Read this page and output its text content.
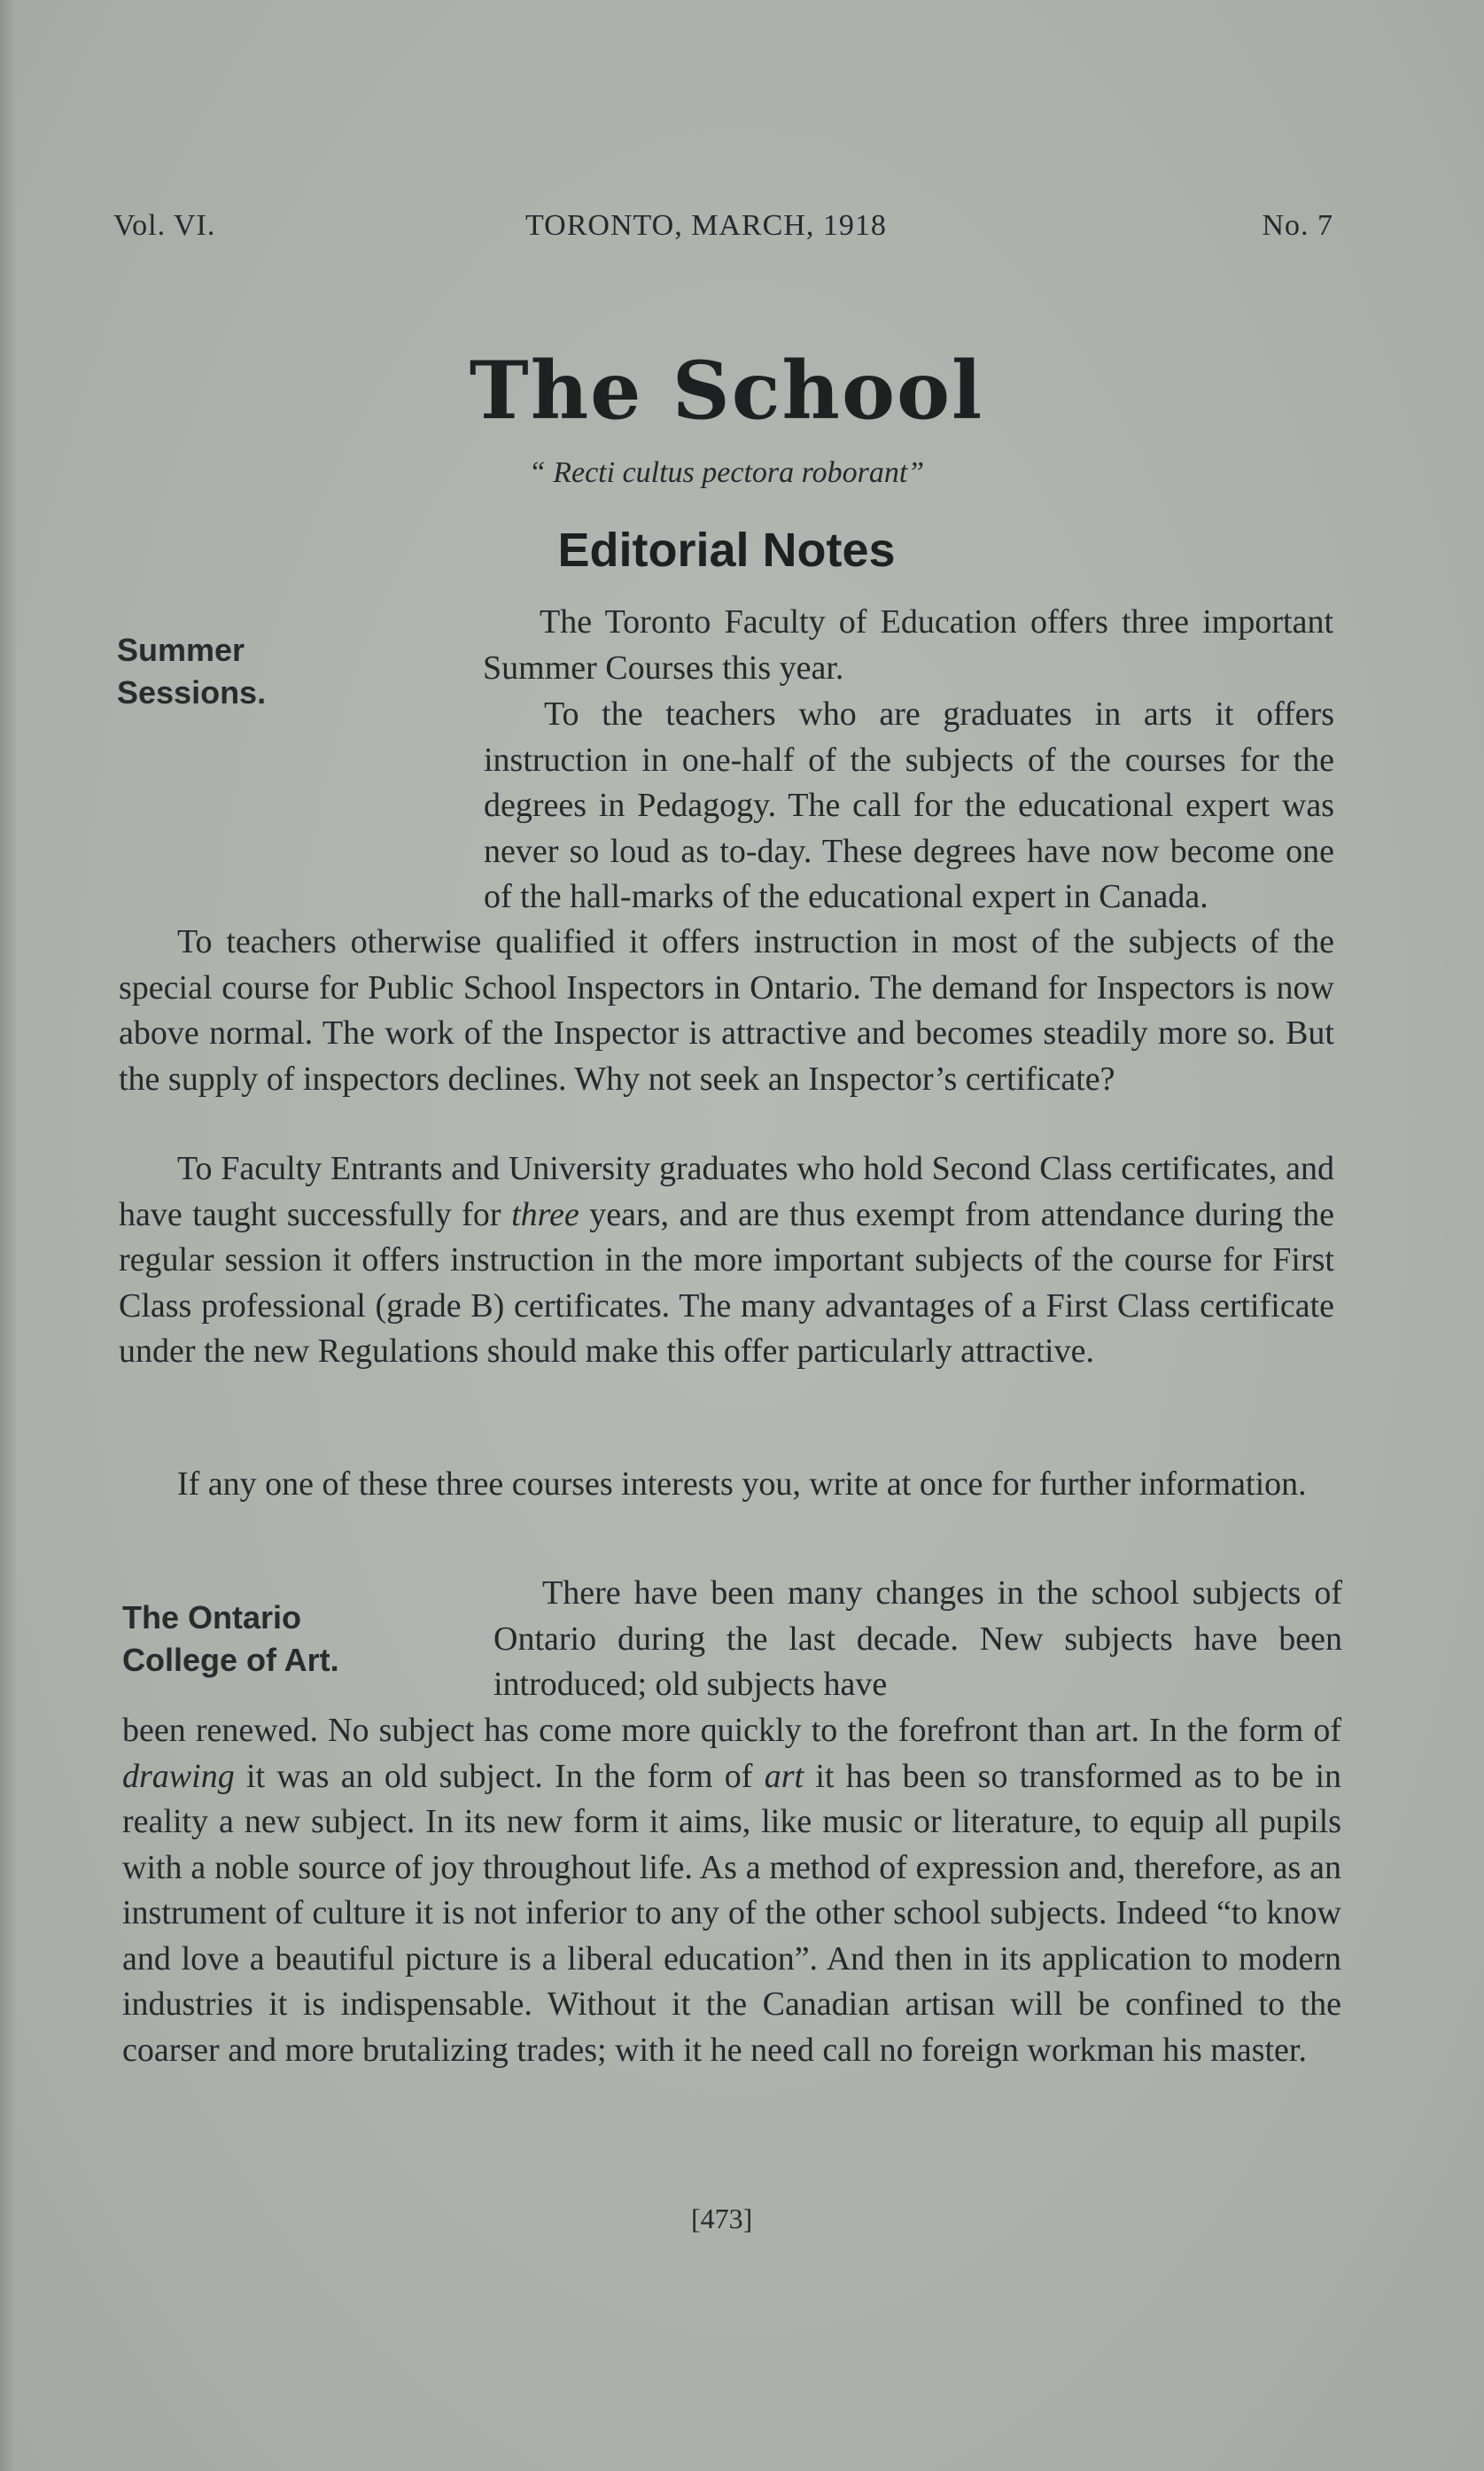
Vol. VI.	TORONTO, MARCH, 1918	No. 7
The School
“ Recti cultus pectora roborant”
Editorial Notes
Summer
Sessions.
The Toronto Faculty of Education offers three important Summer Courses this year.
To the teachers who are graduates in arts it offers instruction in one-half of the subjects of the courses for the degrees in Pedagogy. The call for the educational expert was never so loud as to-day. These degrees have now become one of the hall-marks of the educational expert in Canada.
To teachers otherwise qualified it offers instruction in most of the subjects of the special course for Public School Inspectors in Ontario. The demand for Inspectors is now above normal. The work of the Inspector is attractive and becomes steadily more so. But the supply of inspectors declines. Why not seek an Inspector’s certificate?
To Faculty Entrants and University graduates who hold Second Class certificates, and have taught successfully for three years, and are thus exempt from attendance during the regular session it offers instruction in the more important subjects of the course for First Class professional (grade B) certificates. The many advantages of a First Class certificate under the new Regulations should make this offer particularly attractive.
If any one of these three courses interests you, write at once for further information.
The Ontario
College of Art.
There have been many changes in the school subjects of Ontario during the last decade. New subjects have been introduced; old subjects have
been renewed. No subject has come more quickly to the forefront than art. In the form of drawing it was an old subject. In the form of art it has been so transformed as to be in reality a new subject. In its new form it aims, like music or literature, to equip all pupils with a noble source of joy throughout life. As a method of expression and, therefore, as an instrument of culture it is not inferior to any of the other school subjects. Indeed “to know and love a beautiful picture is a liberal education”. And then in its application to modern industries it is indispensable. Without it the Canadian artisan will be confined to the coarser and more brutalizing trades; with it he need call no foreign workman his master.
[473]
